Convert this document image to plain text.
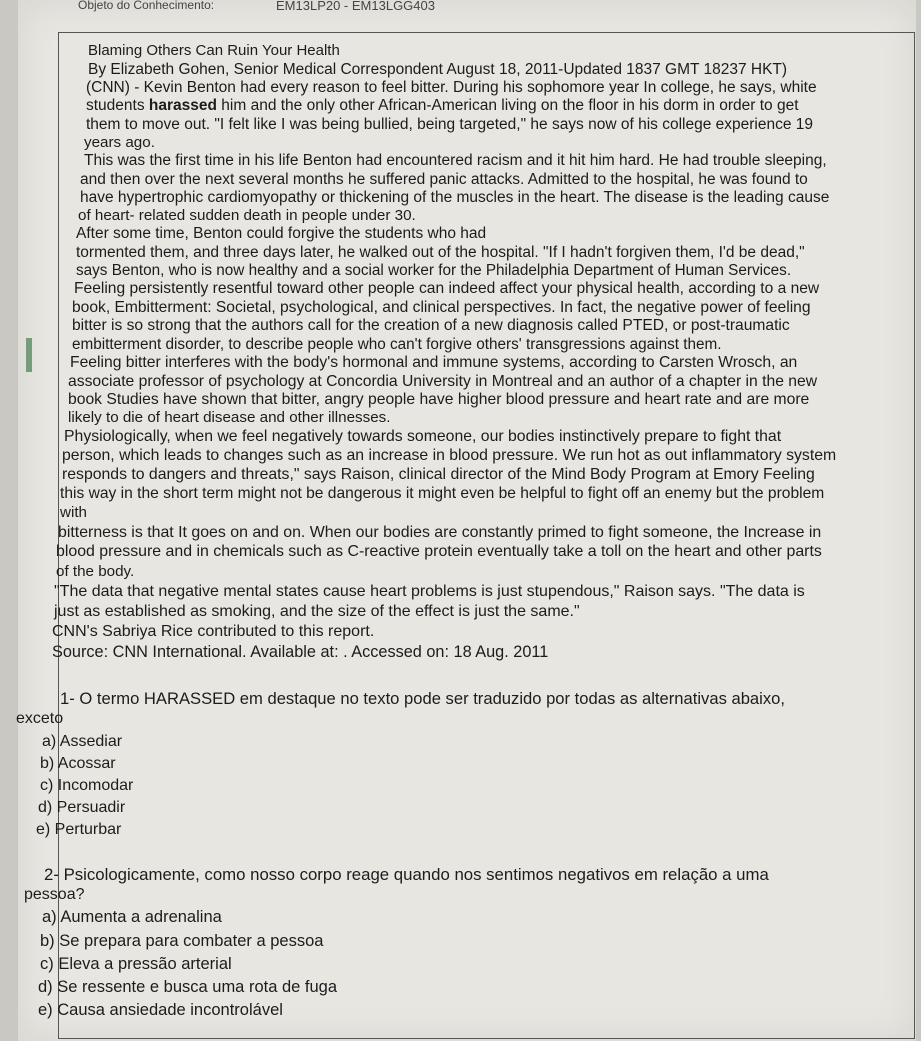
Objeto do Conhecimento:	EM13LP20 - EM13LGG403
Blaming Others Can Ruin Your Health
By Elizabeth Gohen, Senior Medical Correspondent August 18, 2011-Updated 1837 GMT 18237 HKT)
(CNN) - Kevin Benton had every reason to feel bitter. During his sophomore year In college, he says, white
students harassed him and the only other African-American living on the floor in his dorm in order to get
them to move out. "I felt like I was being bullied, being targeted," he says now of his college experience 19
years ago.
This was the first time in his life Benton had encountered racism and it hit him hard. He had trouble sleeping,
and then over the next several months he suffered panic attacks. Admitted to the hospital, he was found to
have hypertrophic cardiomyopathy or thickening of the muscles in the heart. The disease is the leading cause
of heart- related sudden death in people under 30.
After some time, Benton could forgive the students who had
tormented them, and three days later, he walked out of the hospital. "If I hadn't forgiven them, I'd be dead,"
says Benton, who is now healthy and a social worker for the Philadelphia Department of Human Services.
Feeling persistently resentful toward other people can indeed affect your physical health, according to a new
book, Embitterment: Societal, psychological, and clinical perspectives. In fact, the negative power of feeling
bitter is so strong that the authors call for the creation of a new diagnosis called PTED, or post-traumatic
embitterment disorder, to describe people who can't forgive others' transgressions against them.
Feeling bitter interferes with the body's hormonal and immune systems, according to Carsten Wrosch, an
associate professor of psychology at Concordia University in Montreal and an author of a chapter in the new
book Studies have shown that bitter, angry people have higher blood pressure and heart rate and are more
likely to die of heart disease and other illnesses.
Physiologically, when we feel negatively towards someone, our bodies instinctively prepare to fight that
person, which leads to changes such as an increase in blood pressure. We run hot as out inflammatory system
responds to dangers and threats," says Raison, clinical director of the Mind Body Program at Emory Feeling
this way in the short term might not be dangerous it might even be helpful to fight off an enemy but the problem
with
bitterness is that It goes on and on. When our bodies are constantly primed to fight someone, the Increase in
blood pressure and in chemicals such as C-reactive protein eventually take a toll on the heart and other parts
of the body.
"The data that negative mental states cause heart problems is just stupendous," Raison says. "The data is
just as established as smoking, and the size of the effect is just the same."
CNN's Sabriya Rice contributed to this report.
Source: CNN International. Available at: . Accessed on: 18 Aug. 2011
1- O termo HARASSED em destaque no texto pode ser traduzido por todas as alternativas abaixo,
exceto
a) Assediar
b) Acossar
c) Incomodar
d) Persuadir
e) Perturbar
2- Psicologicamente, como nosso corpo reage quando nos sentimos negativos em relação a uma
pessoa?
a) Aumenta a adrenalina
b) Se prepara para combater a pessoa
c) Eleva a pressão arterial
d) Se ressente e busca uma rota de fuga
e) Causa ansiedade incontrolável
